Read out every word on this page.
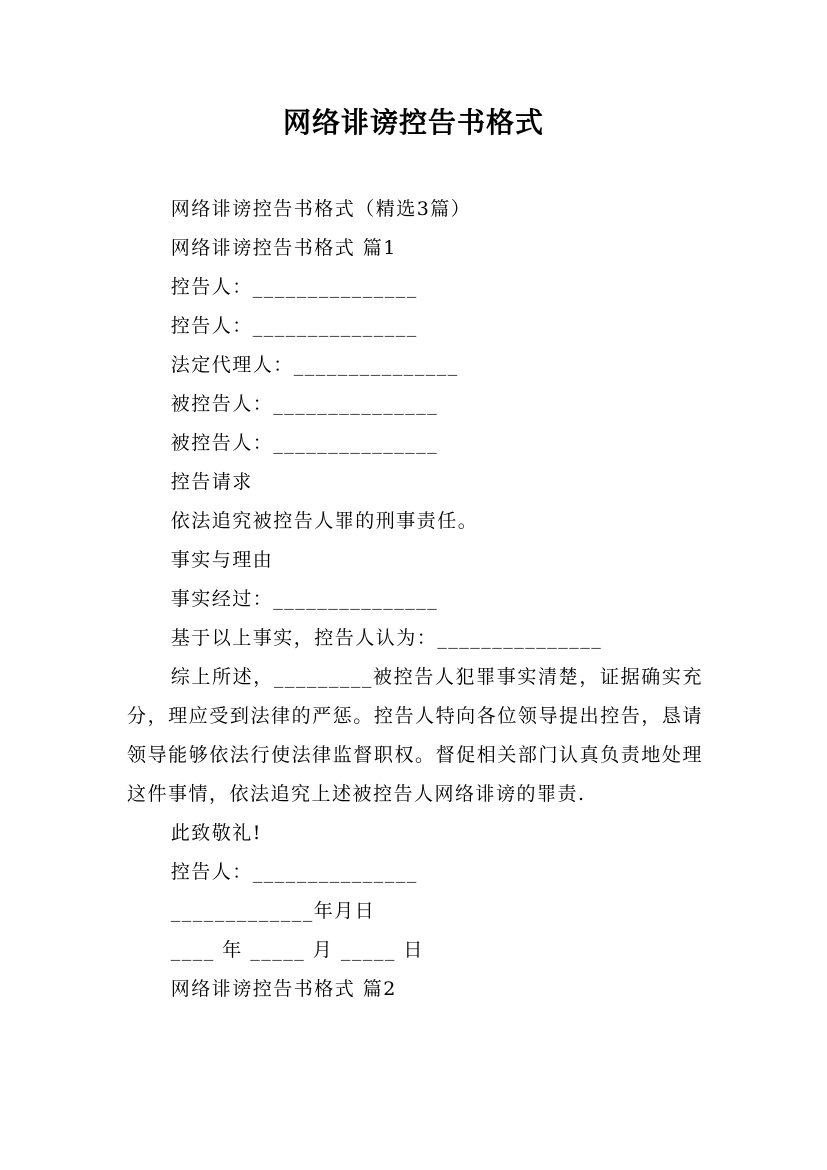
网络诽谤控告书格式

网络诽谤控告书格式（精选3篇）

网络诽谤控告书格式 篇1

控告人：_______________

控告人：_______________

法定代理人：_______________

被控告人：_______________

被控告人：_______________

控告请求

依法追究被控告人罪的刑事责任。

事实与理由

事实经过：_______________

基于以上事实，控告人认为：_______________

综上所述，_________被控告人犯罪事实清楚，证据确实充分，理应受到法律的严惩。控告人特向各位领导提出控告，恳请领导能够依法行使法律监督职权。督促相关部门认真负责地处理这件事情，依法追究上述被控告人网络诽谤的罪责.

此致敬礼!

控告人：_______________

_____________年月日

____ 年 _____ 月 _____ 日

网络诽谤控告书格式 篇2
